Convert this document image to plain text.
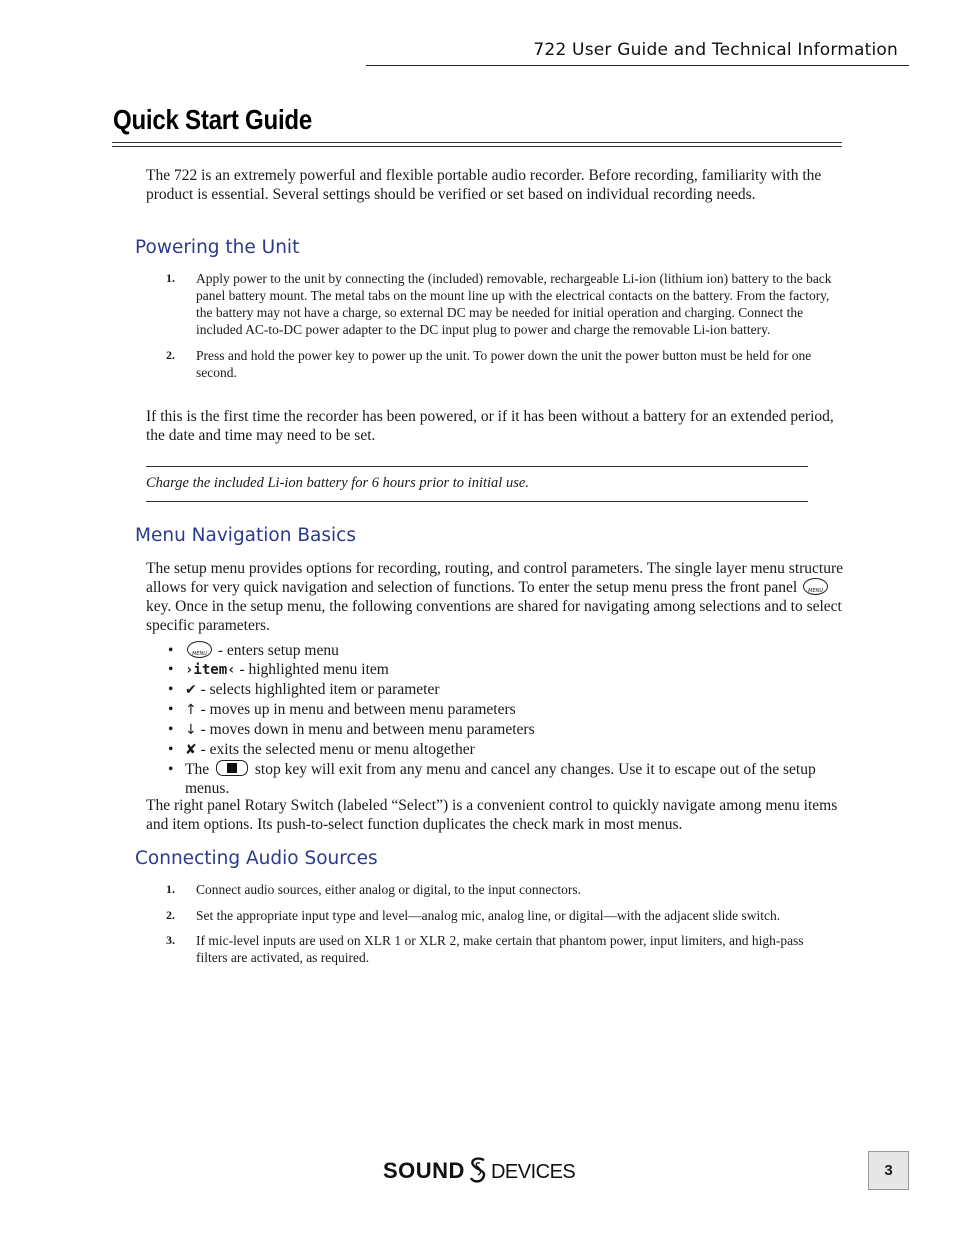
722 User Guide and Technical Information
Quick Start Guide

The 722 is an extremely powerful and flexible portable audio recorder. Before recording, familiarity with the product is essential. Several settings should be verified or set based on individual recording needs.

Powering the Unit
1. Apply power to the unit by connecting the (included) removable, rechargeable Li-ion (lithium ion) battery to the back panel battery mount. The metal tabs on the mount line up with the electrical contacts on the battery. From the factory, the battery may not have a charge, so external DC may be needed for initial operation and charging. Connect the included AC-to-DC power adapter to the DC input plug to power and charge the removable Li-ion battery.
2. Press and hold the power key to power up the unit. To power down the unit the power button must be held for one second.

If this is the first time the recorder has been powered, or if it has been without a battery for an extended period, the date and time may need to be set.

Charge the included Li-ion battery for 6 hours prior to initial use.

Menu Navigation Basics

The setup menu provides options for recording, routing, and control parameters. The single layer menu structure allows for very quick navigation and selection of functions. To enter the setup menu press the front panel	MENU
key. Once in the setup menu, the following conventions are shared for navigating among selections and to select specific parameters.

•	MENU - enters setup menu
• ›item‹ - highlighted menu item
• ✔ - selects highlighted item or parameter
• ↑ - moves up in menu and between menu parameters
• ↓ - moves down in menu and between menu parameters
• ✘ - exits the selected menu or menu altogether
• The	stop key will exit from any menu and cancel any changes. Use it to escape out of the setup menus.

The right panel Rotary Switch (labeled “Select”) is a convenient control to quickly navigate among menu items and item options. Its push-to-select function duplicates the check mark in most menus.

Connecting Audio Sources
1. Connect audio sources, either analog or digital, to the input connectors.
2. Set the appropriate input type and level—analog mic, analog line, or digital—with the adjacent slide switch.
3. If mic-level inputs are used on XLR 1 or XLR 2, make certain that phantom power, input limiters, and high-pass filters are activated, as required.
SOUND DEVICES	3
